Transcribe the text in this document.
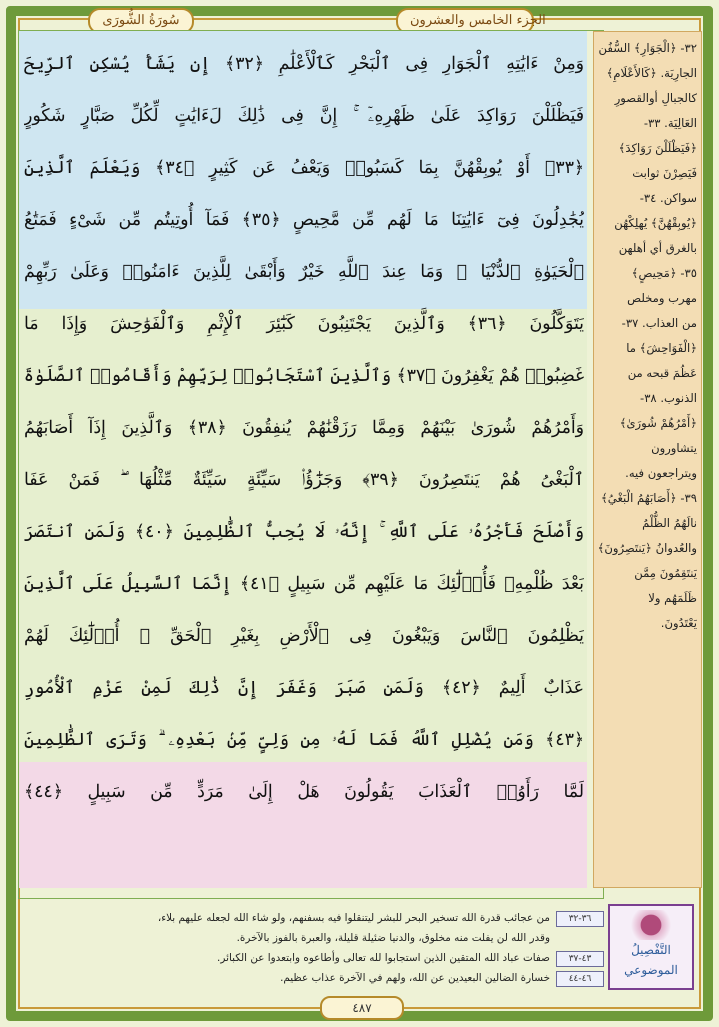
سُورَةُ الشُّورَى	الجزء الخامس والعشرون
وَمِنْ ءَايَٰتِهِ ٱلْجَوَارِ فِى ٱلْبَحْرِ كَٱلْأَعْلَٰمِ ﴿٣٢﴾ إِن يَشَأْ يُسْكِنِ ٱلرِّيحَ
فَيَظْلَلْنَ رَوَاكِدَ عَلَىٰ ظَهْرِهِۦٓ ۚ إِنَّ فِى ذَٰلِكَ لَءَايَٰتٍ لِّكُلِّ صَبَّارٍ شَكُورٍ
﴿٣٣﴾ أَوْ يُوبِقْهُنَّ بِمَا كَسَبُوا۟ وَيَعْفُ عَن كَثِيرٍ ﴿٣٤﴾ وَيَعْلَمَ ٱلَّذِينَ
يُجَٰدِلُونَ فِىٓ ءَايَٰتِنَا مَا لَهُم مِّن مَّحِيصٍ ﴿٣٥﴾ فَمَآ أُوتِيتُم مِّن شَىْءٍ فَمَتَٰعُ
ٱلْحَيَوٰةِ ٱلدُّنْيَا ۖ وَمَا عِندَ ٱللَّهِ خَيْرٌ وَأَبْقَىٰ لِلَّذِينَ ءَامَنُوا۟ وَعَلَىٰ رَبِّهِمْ
يَتَوَكَّلُونَ ﴿٣٦﴾ وَٱلَّذِينَ يَجْتَنِبُونَ كَبَٰٓئِرَ ٱلْإِثْمِ وَٱلْفَوَٰحِشَ وَإِذَا مَا
غَضِبُوا۟ هُمْ يَغْفِرُونَ ﴿٣٧﴾ وَٱلَّذِينَ ٱسْتَجَابُوا۟ لِرَبِّهِمْ وَأَقَامُوا۟ ٱلصَّلَوٰةَ
وَأَمْرُهُمْ شُورَىٰ بَيْنَهُمْ وَمِمَّا رَزَقْنَٰهُمْ يُنفِقُونَ ﴿٣٨﴾ وَٱلَّذِينَ إِذَآ أَصَابَهُمُ
ٱلْبَغْىُ هُمْ يَنتَصِرُونَ ﴿٣٩﴾ وَجَزَٰٓؤُا۟ سَيِّئَةٍ سَيِّئَةٌ مِّثْلُهَا ۖ فَمَنْ عَفَا
وَأَصْلَحَ فَأَجْرُهُۥ عَلَى ٱللَّهِ ۚ إِنَّهُۥ لَا يُحِبُّ ٱلظَّٰلِمِينَ ﴿٤٠﴾ وَلَمَنِ ٱنتَصَرَ
بَعْدَ ظُلْمِهِۦ فَأُو۟لَٰٓئِكَ مَا عَلَيْهِم مِّن سَبِيلٍ ﴿٤١﴾ إِنَّمَا ٱلسَّبِيلُ عَلَى ٱلَّذِينَ
يَظْلِمُونَ ٱلنَّاسَ وَيَبْغُونَ فِى ٱلْأَرْضِ بِغَيْرِ ٱلْحَقِّ ۚ أُو۟لَٰٓئِكَ لَهُمْ
عَذَابٌ أَلِيمٌ ﴿٤٢﴾ وَلَمَن صَبَرَ وَغَفَرَ إِنَّ ذَٰلِكَ لَمِنْ عَزْمِ ٱلْأُمُورِ
﴿٤٣﴾ وَمَن يُضْلِلِ ٱللَّهُ فَمَا لَهُۥ مِن وَلِىٍّ مِّنۢ بَعْدِهِۦ ۗ وَتَرَى ٱلظَّٰلِمِينَ
لَمَّا رَأَوُا۟ ٱلْعَذَابَ يَقُولُونَ هَلْ إِلَىٰ مَرَدٍّ مِّن سَبِيلٍ ﴿٤٤﴾
٣٢- ﴿الْجَوَارِ﴾ السُّفُن
الجارِيَة. ﴿كَالأَعْلَامِ﴾
كالجبالِ أوالقصورِ
العَالِيَة. ٣٣-
﴿فَيَظْلَلْنَ رَوَاكِدَ﴾
فَيَصِرْنَ ثوابت
سواكن. ٣٤-
﴿يُوبِقْهُنَّ﴾ يُهلِكْهُن
بالغرق أي أهلهن
٣٥- ﴿مَحِيصٍ﴾
مهرب ومخلص
من العذاب. ٣٧-
﴿الْفَوَاحِشَ﴾ ما
عَظُمَ قبحه من
الذنوب. ٣٨-
﴿أَمْرُهُمْ شُورَىٰ﴾
يتشاورون
ويتراجعون فيه.
٣٩- ﴿أَصَابَهُمُ الْبَغْيُ﴾
نالَهُمُ الظُّلْمُ
والعُدوانُ ﴿يَنتَصِرُونَ﴾
يَنتَقِمُونَ مِمَّن
ظَلَمَهُم ولا
يَعْتَدُونَ.
التَّفْصِيلُ
الموضوعي
٣٦-٣٢
من عجائب قدرة الله تسخير البحر للبشر ليتنقلوا فيه بسفنهم، ولو شاء الله لجعله عليهم بلاء،
وقدر الله لن يفلت منه مخلوق، والدنيا ضئيلة قليلة، والعبرة بالفوز بالآخرة.
٤٣-٣٧
صفات عباد الله المتقين الذين استجابوا لله تعالى وأطاعوه وابتعدوا عن الكبائر.
٤٦-٤٤
خسارة الضالين البعيدين عن الله، ولهم في الآخرة عذاب عظيم.
٤٨٧
